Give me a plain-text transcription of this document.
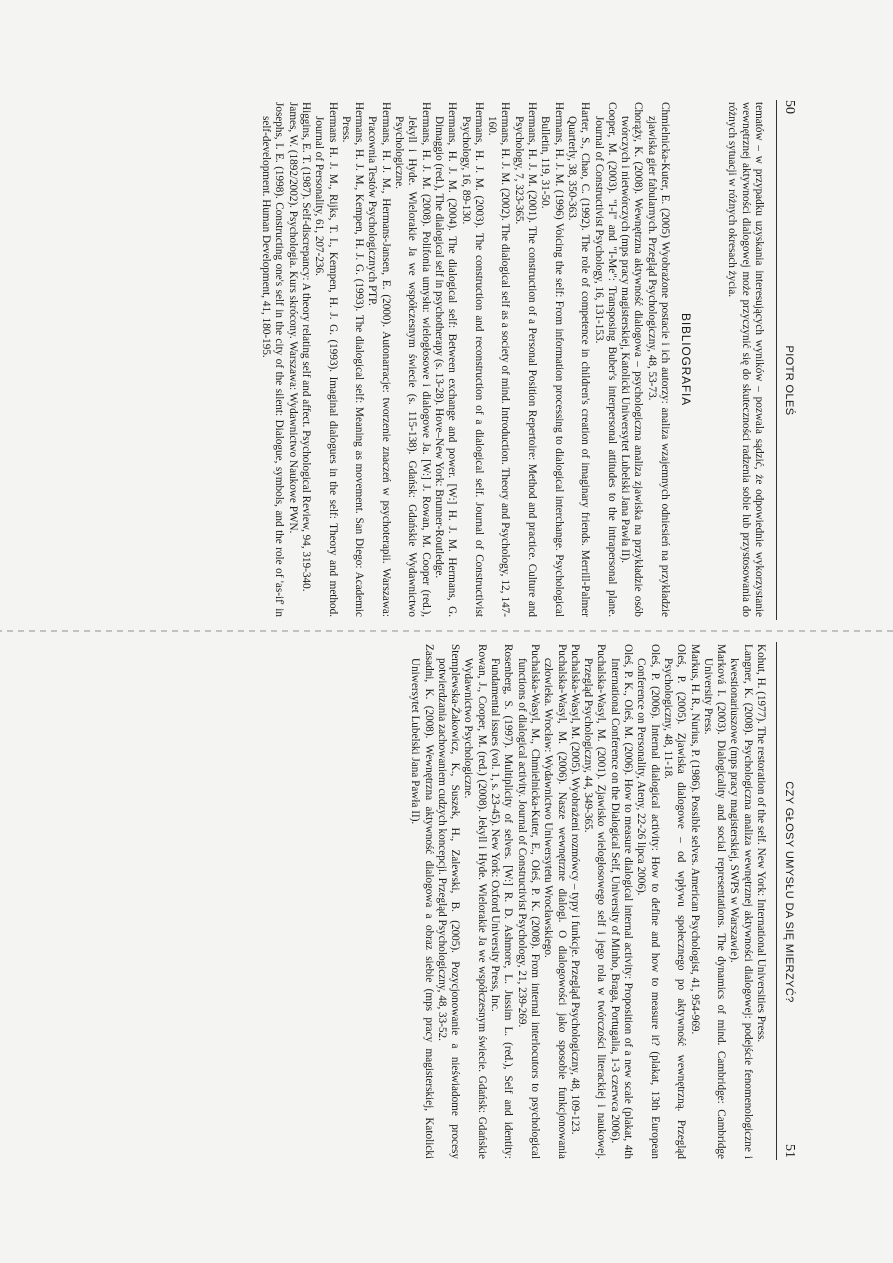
50
PIOTR OLEŚ

tematów – w przypadku uzyskania interesujących wyników – pozwala sądzić, że odpowiednie wykorzystanie wewnętrznej aktywności dialogowej może przyczynić się do skuteczności radzenia sobie lub przystosowania do różnych sytuacji w różnych okresach życia.

BIBLIOGRAFIA

Chmielnicka-Kuter, E. (2005) Wyobrażone postacie i ich autorzy: analiza wzajemnych odniesień na przykładzie zjawiska gier fabularnych. Przegląd Psychologiczny, 48, 53-73.

Chorąży, K. (2008). Wewnętrzna aktywność dialogowa – psychologiczna analiza zjawiska na przykładzie osób twórczych i nietwórczych (mps pracy magisterskiej, Katolicki Uniwersytet Lubelski Jana Pawła II).

Cooper, M. (2003). "I-I" and "I-Me": Transposing Buber's interpersonal attitudes to the intrapersonal plane. Journal of Constructivist Psychology, 16, 131-153.

Harter, S., Chao, C. (1992). The role of competence in children's creation of imaginary friends. Merrill-Palmer Quarterly, 38, 350-363.

Hermans, H. J. M. (1996) Voicing the self: From information processing to dialogical interchange. Psychological Bulletin, 119, 31-50.

Hermans, H. J. M. (2001). The construction of a Personal Position Repertoire: Method and practice. Culture and Psychology, 7, 323-365.

Hermans, H. J. M. (2002). The dialogical self as a society of mind. Introduction. Theory and Psychology, 12, 147-160.

Hermans, H. J. M. (2003). The construction and reconstruction of a dialogical self. Journal of Constructivist Psychology, 16, 89-130.

Hermans, H. J. M. (2004). The dialogical self: Between exchange and power. [W:] H. J. M. Hermans, G. Dimaggio (red.), The dialogical self in psychotherapy (s. 13-28). Hove–New York: Brunner-Routledge.

Hermans, H. J. M. (2008). Polifonia umysłu: wielogłosowe i dialogowe Ja. [W:] J. Rowan, M. Cooper (red.), Jekyll i Hyde. Wielorakie Ja we współczesnym świecie (s. 115-138). Gdańsk: Gdańskie Wydawnictwo Psychologiczne.

Hermans, H. J. M., Hermans-Jansen, E. (2000). Autonarracje: tworzenie znaczeń w psychoterapii. Warszawa: Pracownia Testów Psychologicznych PTP.

Hermans, H. J. M., Kempen, H. J. G. (1993). The dialogical self: Meaning as movement. San Diego: Academic Press.

Hermans H. J. M., Rijks, T. I., Kempen, H. J. G. (1993). Imaginal dialogues in the self: Theory and method. Journal of Personality, 61, 207-236.

Higgins, E. T. (1987). Self-discrepancy: A theory relating self and affect. Psychological Review, 94, 319-340.

James, W. (1892/2002). Psychologia. Kurs skrócony. Warszawa: Wydawnictwo Naukowe PWN.

Josephs, I. E. (1998). Constructing one's self in the city of the silent: Dialogue, symbols, and the role of 'as-if' in self-development. Human Development, 41, 180-195.

CZY GŁOSY UMYSŁU DA SIĘ MIERZYĆ?
51

Kohut, H. (1977). The restoration of the self. New York: International Universities Press.

Langner, K. (2008). Psychologiczna analiza wewnętrznej aktywności dialogowej: podejście fenomenologiczne i kwestionariuszowe (mps pracy magisterskiej, SWPS w Warszawie).

Marková I. (2003). Dialogicality and social representations. The dynamics of mind. Cambridge: Cambridge University Press.

Markus, H. R., Nurius, P. (1986). Possible selves. American Psychologist, 41, 954-969.

Oleś, P. (2005). Zjawiska dialogowe – od wpływu społecznego po aktywność wewnętrzną. Przegląd Psychologiczny, 48, 11-18.

Oleś, P. (2006). Internal dialogical activity: How to define and how to measure it? (plakat, 13th European Conference on Personality, Ateny, 22-26 lipca 2006).

Oleś, P. K., Oleś, M. (2006). How to measure dialogical internal activity: Proposition of a new scale (plakat, 4th International Conference on the Dialogical Self, University of Minho, Braga, Portugalia, 1-3 czerwca 2006).

Puchalska-Wasyl, M. (2001). Zjawisko wielogłosowego self i jego rola w twórczości literackiej i naukowej. Przegląd Psychologiczny, 44, 349-365.

Puchalska-Wasyl, M. (2005). Wyobrażeni rozmówcy – typy i funkcje. Przegląd Psychologiczny, 48, 109-123.

Puchalska-Wasyl, M. (2006). Nasze wewnętrzne dialogi. O dialogowości jako sposobie funkcjonowania człowieka. Wrocław: Wydawnictwo Uniwersytetu Wrocławskiego.

Puchalska-Wasyl, M., Chmielnicka-Kuter, E., Oleś, P. K. (2008). From internal interlocutors to psychological functions of dialogical activity. Journal of Constructivist Psychology, 21, 239-269.

Rosenberg, S. (1997). Multiplicity of selves. [W:] R. D. Ashmore, L. Jussim L. (red.), Self and identity: Fundamental issues (vol. 1, s. 23-45). New York: Oxford University Press, Inc.

Rowan, J., Cooper, M. (red.) (2008). Jekyll i Hyde. Wielorakie Ja we współczesnym świecie. Gdańsk: Gdańskie Wydawnictwo Psychologiczne.

Stemplewska-Żakowicz, K., Suszek, H., Zalewski, B. (2005). Pozycjonowanie a nieświadome procesy potwierdzania zachowaniem cudzych koncepcji. Przegląd Psychologiczny, 48, 33-52.

Zasadni, K. (2008). Wewnętrzna aktywność dialogowa a obraz siebie (mps pracy magisterskiej, Katolicki Uniwersytet Lubelski Jana Pawła II).
